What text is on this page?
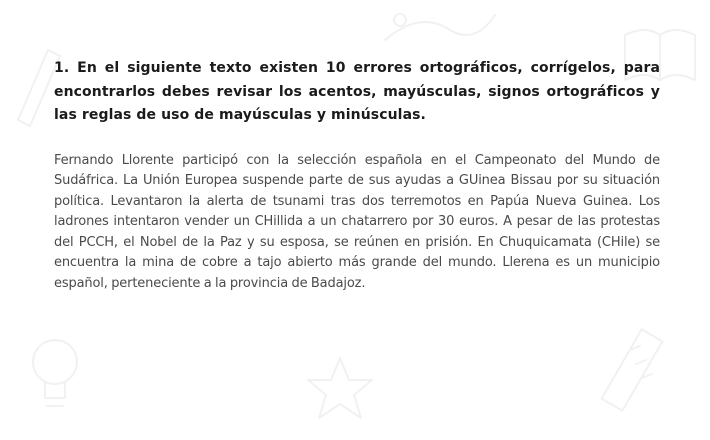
1. En el siguiente texto existen 10 errores ortográficos, corrígelos, para encontrarlos debes revisar los acentos, mayúsculas, signos ortográficos y las reglas de uso de mayúsculas y minúsculas.

Fernando Llorente participó con la selección española en el Campeonato del Mundo de Sudáfrica. La Unión Europea suspende parte de sus ayudas a GUinea Bissau por su situación política. Levantaron la alerta de tsunami tras dos terremotos en Papúa Nueva Guinea. Los ladrones intentaron vender un CHillida a un chatarrero por 30 euros. A pesar de las protestas del PCCH, el Nobel de la Paz y su esposa, se reúnen en prisión. En Chuquicamata (CHile) se encuentra la mina de cobre a tajo abierto más grande del mundo. Llerena es un municipio español, perteneciente a la provincia de Badajoz.
